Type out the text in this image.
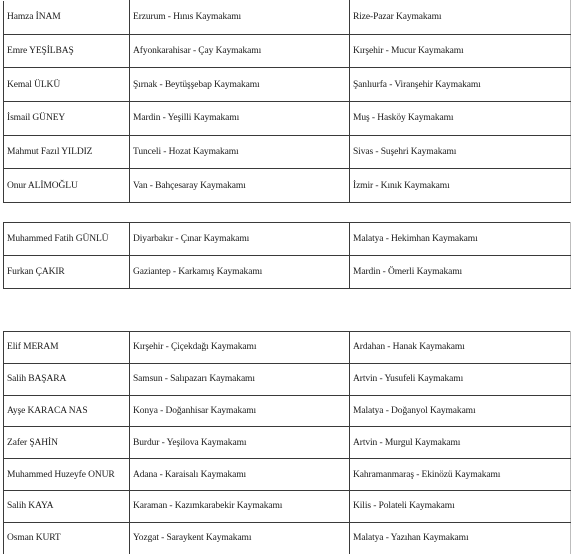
Hamza İNAM	Erzurum - Hınıs Kaymakamı	Rize-Pazar Kaymakamı
Emre YEŞİLBAŞ	Afyonkarahisar - Çay Kaymakamı	Kırşehir - Mucur Kaymakamı
Kemal ÜLKÜ	Şırnak - Beytüşşebap Kaymakamı	Şanlıurfa - Viranşehir Kaymakamı
İsmail GÜNEY	Mardin - Yeşilli Kaymakamı	Muş - Hasköy Kaymakamı
Mahmut Fazıl YILDIZ	Tunceli - Hozat Kaymakamı	Sivas - Suşehri Kaymakamı
Onur ALİMOĞLU	Van - Bahçesaray Kaymakamı	İzmir - Kınık Kaymakamı
Muhammed Fatih GÜNLÜ	Diyarbakır - Çınar Kaymakamı	Malatya - Hekimhan Kaymakamı
Furkan ÇAKIR	Gaziantep - Karkamış Kaymakamı	Mardin - Ömerli Kaymakamı
Elif MERAM	Kırşehir - Çiçekdağı Kaymakamı	Ardahan - Hanak Kaymakamı
Salih BAŞARA	Samsun - Salıpazarı Kaymakamı	Artvin - Yusufeli Kaymakamı
Ayşe KARACA NAS	Konya - Doğanhisar Kaymakamı	Malatya - Doğanyol Kaymakamı
Zafer ŞAHİN	Burdur - Yeşilova Kaymakamı	Artvin - Murgul Kaymakamı
Muhammed Huzeyfe ONUR	Adana - Karaisalı Kaymakamı	Kahramanmaraş - Ekinözü Kaymakamı
Salih KAYA	Karaman - Kazımkarabekir Kaymakamı	Kilis - Polateli Kaymakamı
Osman KURT	Yozgat - Saraykent Kaymakamı	Malatya - Yazıhan Kaymakamı
